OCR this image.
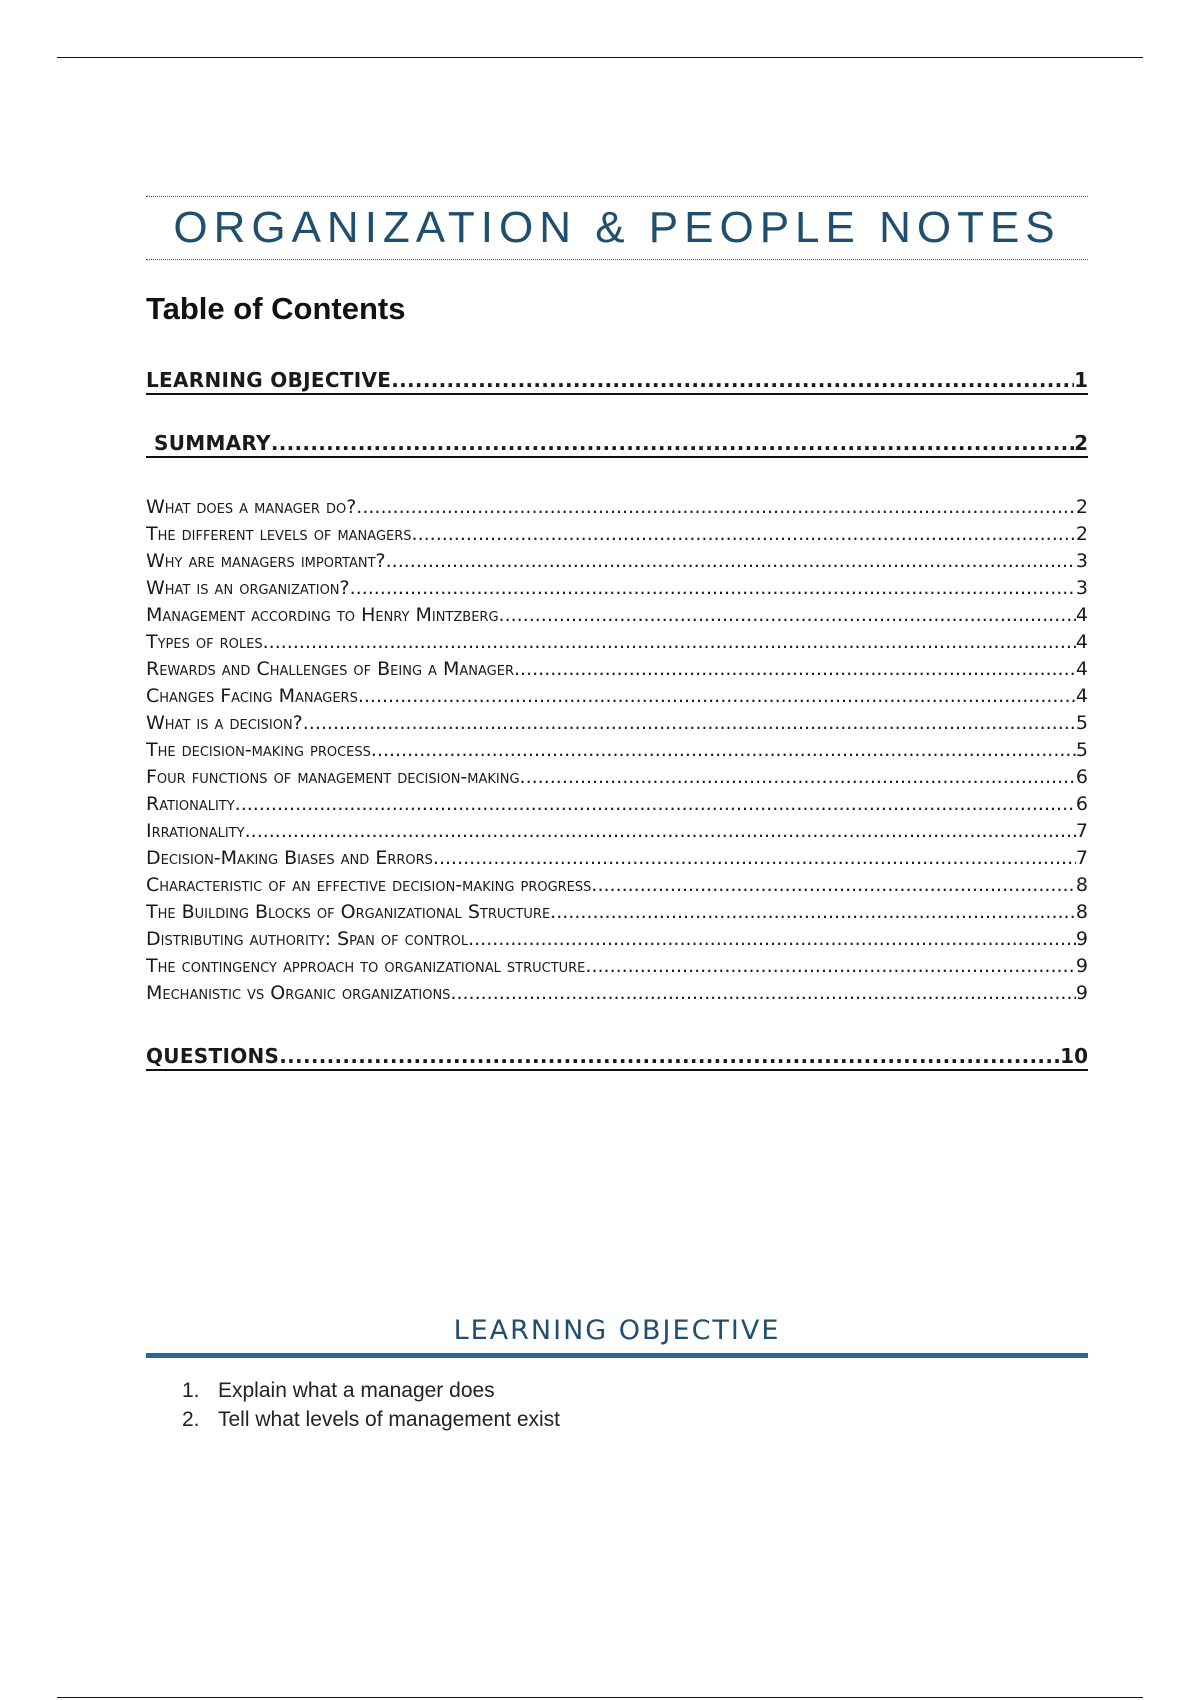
ORGANIZATION & PEOPLE NOTES
Table of Contents
LEARNING OBJECTIVE .....	1
SUMMARY .....	2
What does a manager do? .....	2
The different levels of managers .....	2
Why are managers important? .....	3
What is an organization? .....	3
Management according to Henry Mintzberg .....	4
Types of roles .....	4
Rewards and Challenges of Being a Manager .....	4
Changes Facing Managers .....	4
What is a decision? .....	5
The decision-making process .....	5
Four functions of management decision-making .....	6
Rationality .....	6
Irrationality .....	7
Decision-Making Biases and Errors .....	7
Characteristic of an effective decision-making progress .....	8
The Building Blocks of Organizational Structure .....	8
Distributing authority: Span of control .....	9
The contingency approach to organizational structure .....	9
Mechanistic vs Organic organizations .....	9
QUESTIONS .....	10
LEARNING OBJECTIVE
1. Explain what a manager does
2. Tell what levels of management exist
